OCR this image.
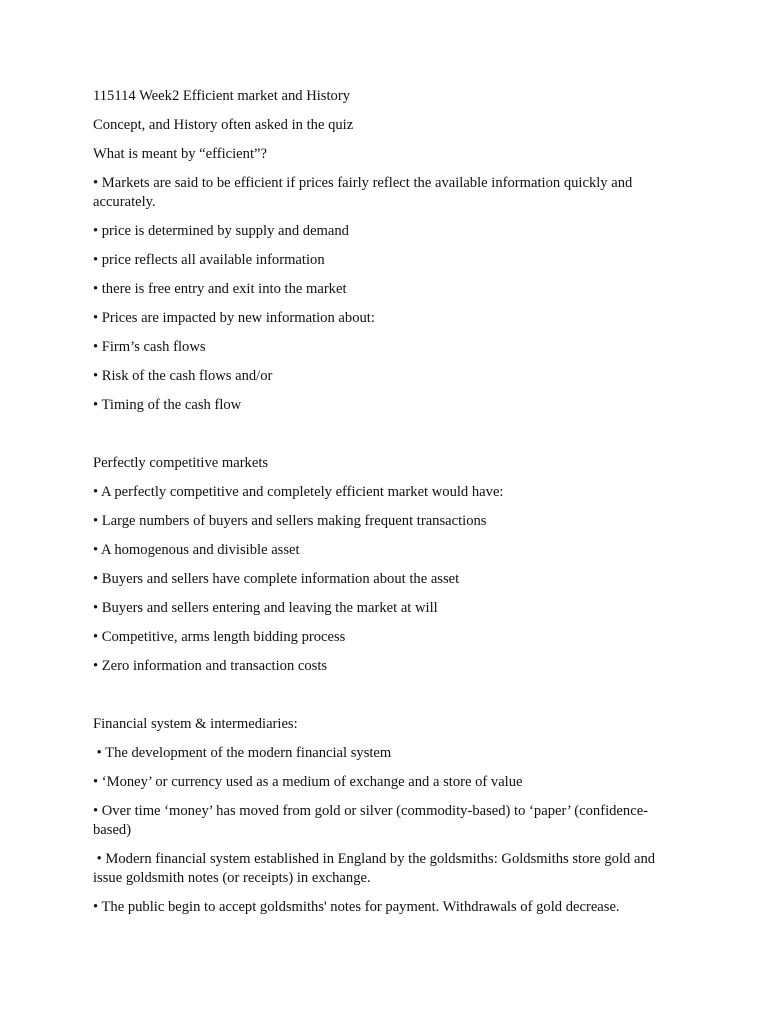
115114 Week2 Efficient market and History
Concept, and History often asked in the quiz
What is meant by “efficient”?
• Markets are said to be efficient if prices fairly reflect the available information quickly and accurately.
• price is determined by supply and demand
• price reflects all available information
• there is free entry and exit into the market
• Prices are impacted by new information about:
• Firm’s cash flows
• Risk of the cash flows and/or
• Timing of the cash flow
Perfectly competitive markets
• A perfectly competitive and completely efficient market would have:
• Large numbers of buyers and sellers making frequent transactions
• A homogenous and divisible asset
• Buyers and sellers have complete information about the asset
• Buyers and sellers entering and leaving the market at will
• Competitive, arms length bidding process
• Zero information and transaction costs
Financial system & intermediaries:
• The development of the modern financial system
• ‘Money’ or currency used as a medium of exchange and a store of value
• Over time ‘money’ has moved from gold or silver (commodity-based) to ‘paper’ (confidence-based)
• Modern financial system established in England by the goldsmiths: Goldsmiths store gold and issue goldsmith notes (or receipts) in exchange.
• The public begin to accept goldsmiths' notes for payment. Withdrawals of gold decrease.
